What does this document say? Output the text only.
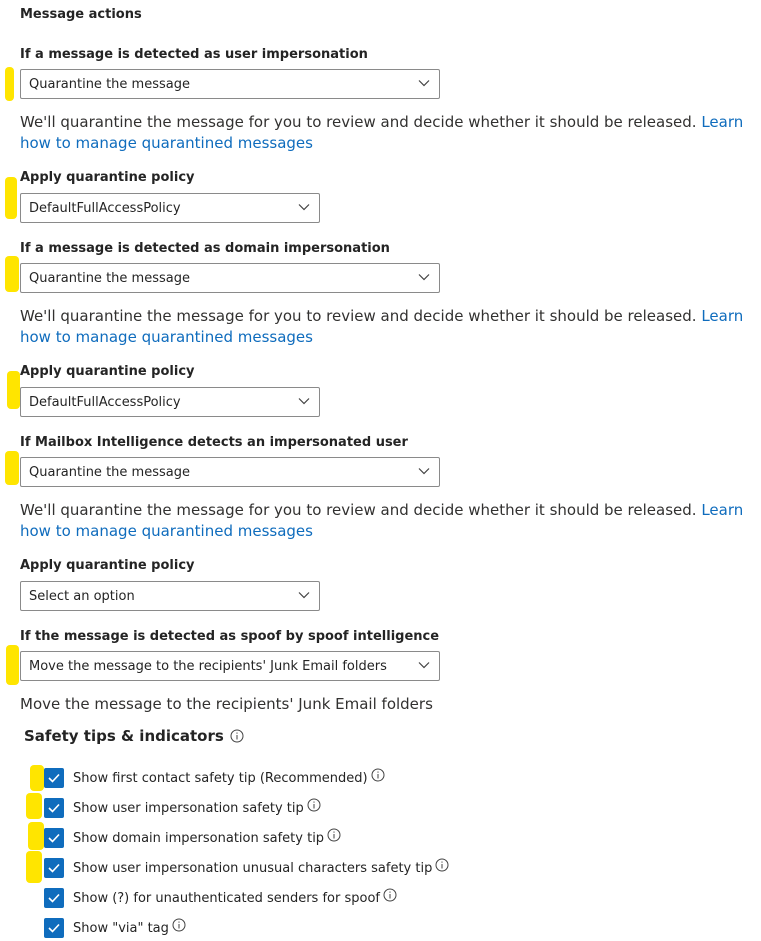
Message actions
If a message is detected as user impersonation
Quarantine the message
We'll quarantine the message for you to review and decide whether it should be released. Learn how to manage quarantined messages
Apply quarantine policy
DefaultFullAccessPolicy
If a message is detected as domain impersonation
Quarantine the message
We'll quarantine the message for you to review and decide whether it should be released. Learn how to manage quarantined messages
Apply quarantine policy
DefaultFullAccessPolicy
If Mailbox Intelligence detects an impersonated user
Quarantine the message
We'll quarantine the message for you to review and decide whether it should be released. Learn how to manage quarantined messages
Apply quarantine policy
Select an option
If the message is detected as spoof by spoof intelligence
Move the message to the recipients' Junk Email folders
Move the message to the recipients' Junk Email folders
Safety tips & indicators
Show first contact safety tip (Recommended)
Show user impersonation safety tip
Show domain impersonation safety tip
Show user impersonation unusual characters safety tip
Show (?) for unauthenticated senders for spoof
Show "via" tag
